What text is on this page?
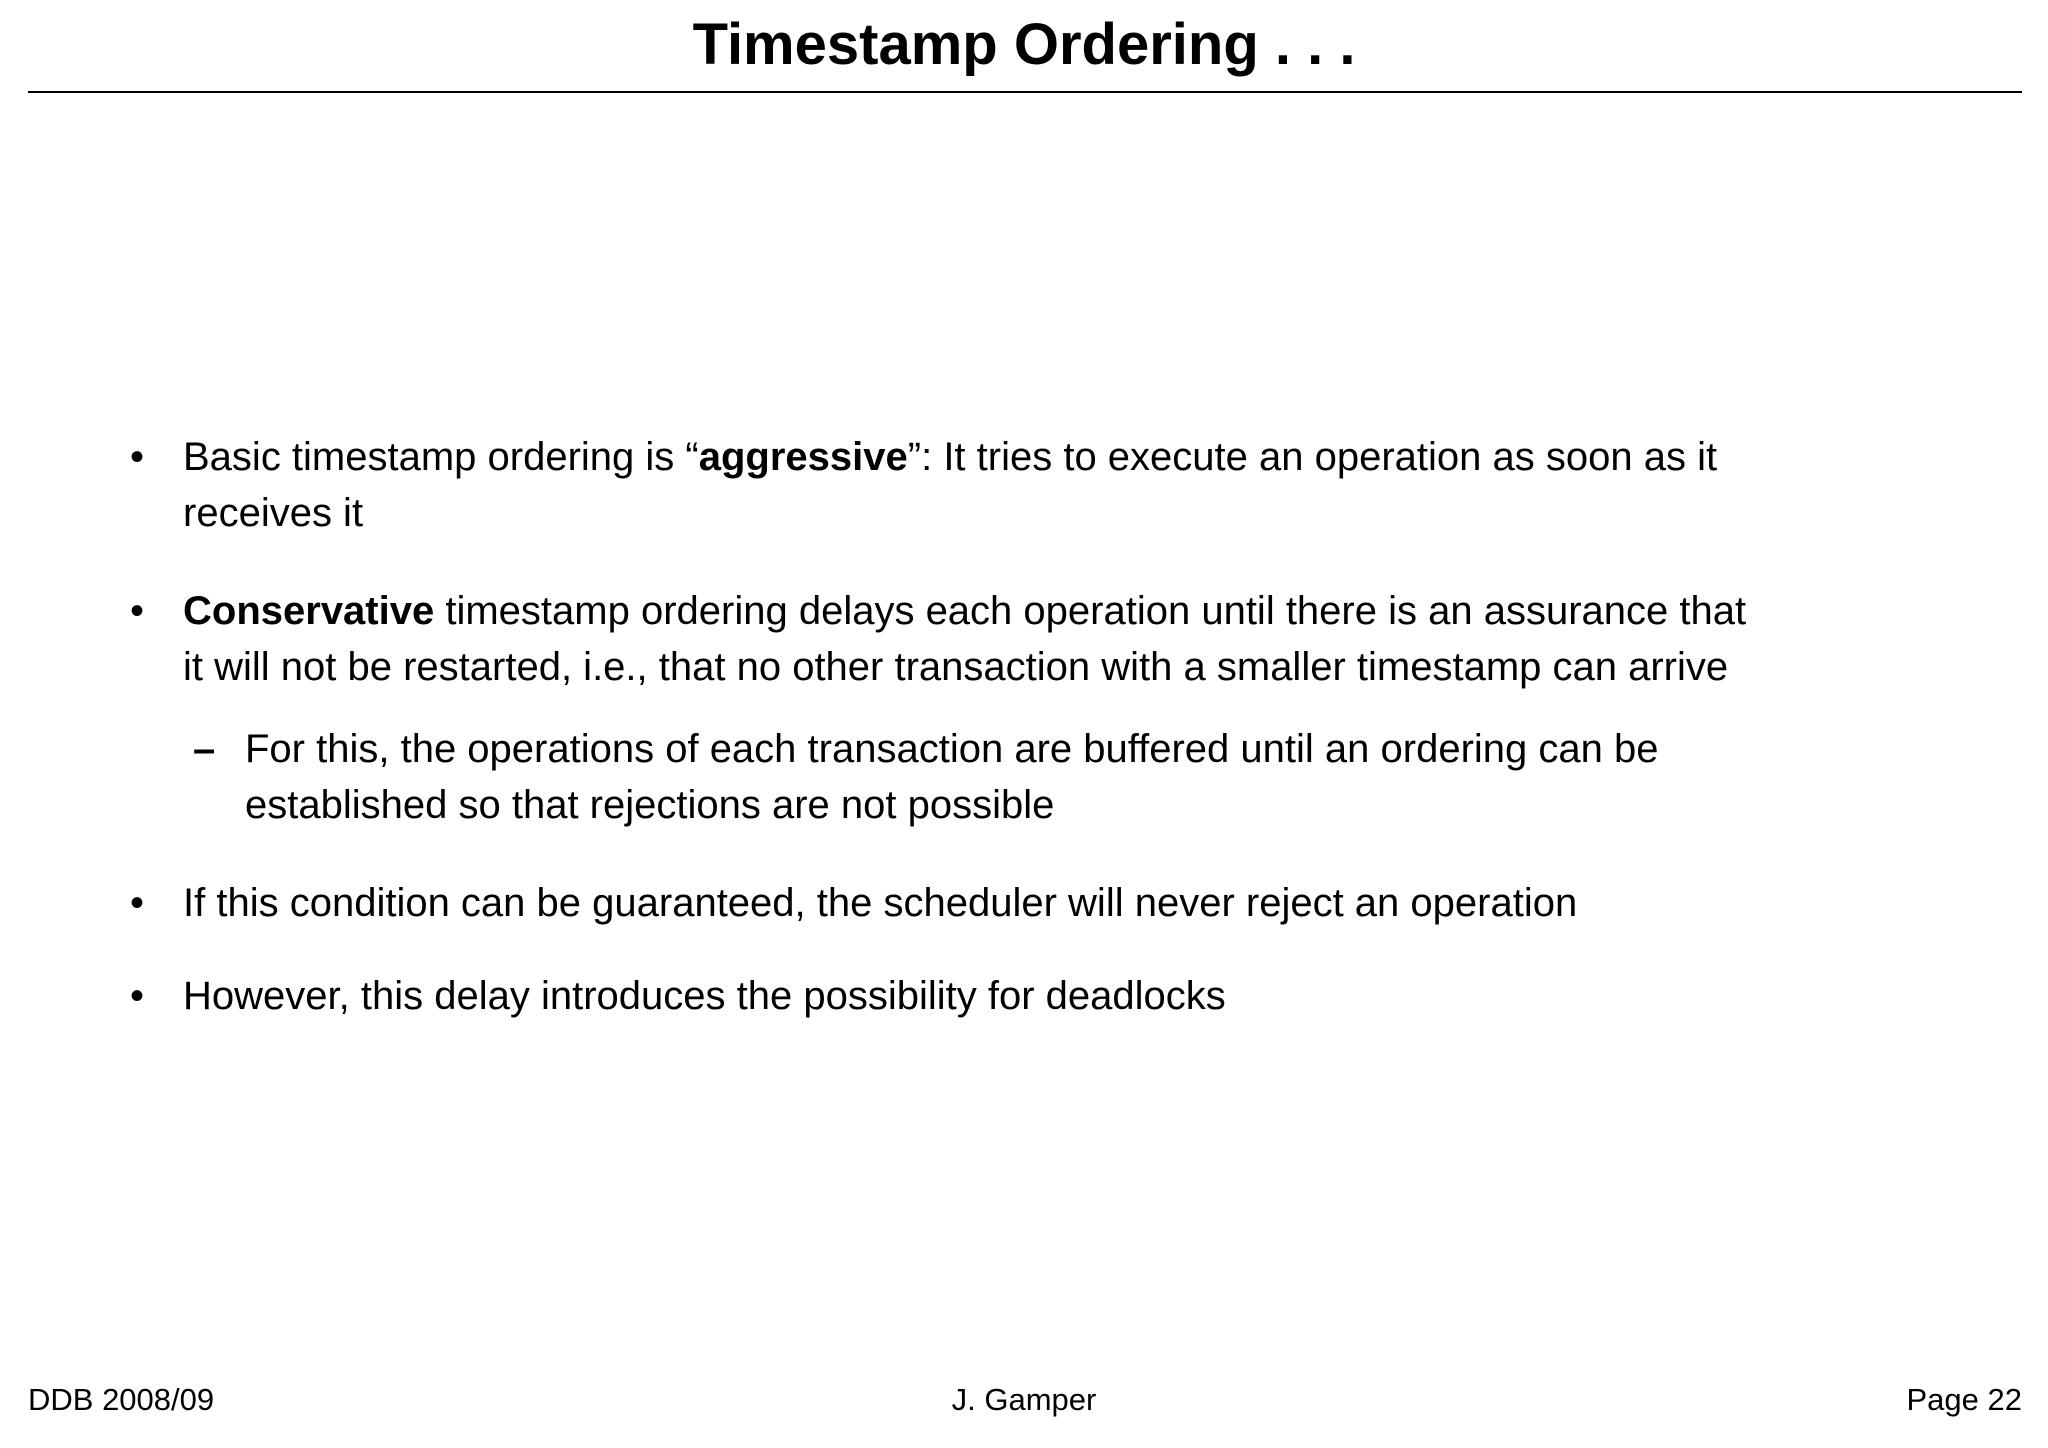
Timestamp Ordering . . .
• Basic timestamp ordering is “aggressive”: It tries to execute an operation as soon as it
receives it
• Conservative timestamp ordering delays each operation until there is an assurance that
it will not be restarted, i.e., that no other transaction with a smaller timestamp can arrive
– For this, the operations of each transaction are buffered until an ordering can be
established so that rejections are not possible
• If this condition can be guaranteed, the scheduler will never reject an operation
• However, this delay introduces the possibility for deadlocks
DDB 2008/09	J. Gamper	Page 22
